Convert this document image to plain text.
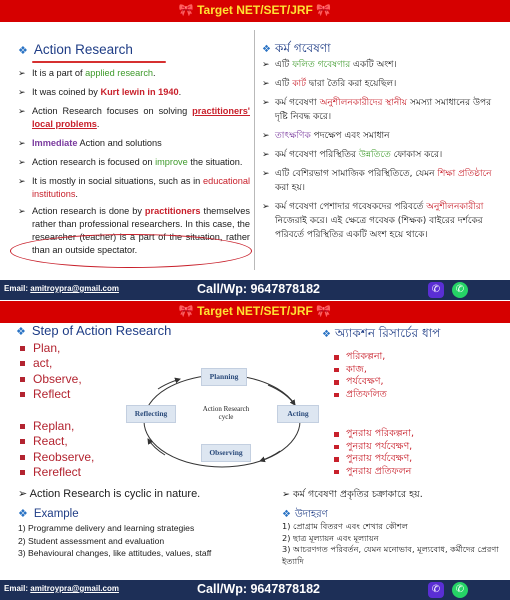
🎀 Target NET/SET/JRF 🎀
❖ Action Research
➢ It is a part of applied research.
➢ It was coined by Kurt lewin in 1940.
➢ Action Research focuses on solving practitioners' local problems.
➢ Immediate Action and solutions
➢ Action research is focused on improve the situation.
➢ It is mostly in social situations, such as in educational institutions.
➢ Action research is done by practitioners themselves rather than professional researchers. In this case, the researcher (teacher) is a part of the situation, rather than an outside spectator.
❖ কর্ম গবেষণা
➢ এটি ফলিত গবেষণার একটি অংশ।
➢ এটি কার্ট দ্বারা তৈরি করা হয়েছিল।
➢ কর্ম গবেষণা অনুশীলনকারীদের স্থানীয় সমস্যা সমাধানের উপর দৃষ্টি নিবদ্ধ করে।
➢ তাৎক্ষণিক পদক্ষেপ এবং সমাধান
➢ কর্ম গবেষণা পরিস্থিতির উন্নতিতে ফোকাস করে।
➢ এটি বেশিরভাগ সামাজিক পরিস্থিতিতে, যেমন শিক্ষা প্রতিষ্ঠানে করা হয়।
➢ কর্ম গবেষণা পেশাদার গবেষকদের পরিবর্তে অনুশীলনকারীরা নিজেরাই করে। এই ক্ষেত্রে গবেষক (শিক্ষক) বাইরের দর্শকের পরিবর্তে পরিস্থিতির একটি অংশ হয়ে থাকে।
Email: amitroypra@gmail.com	Call/Wp: 9647878182	✆	✆
🎀 Target NET/SET/JRF 🎀
❖ Step of Action Research	❖ অ্যাকশন রিসার্চের ধাপ
Plan,
act,
Observe,
Reflect
Replan,
React,
Reobserve,
Rereflect
পরিকল্পনা,
কাজ,
পর্যবেক্ষণ,
প্রতিফলিত
পুনরায় পরিকল্পনা,
পুনরায় পর্যবেক্ষণ,
পুনরায় পর্যবেক্ষণ,
পুনরায় প্রতিফলন
Planning
Acting
Observing
Reflecting	Action Research
cycle
➢ Action Research is cyclic in nature.	➢ কর্ম গবেষণা প্রকৃতির চক্রাকারে হয়.
❖ Example
1) Programme delivery and learning strategies
2) Student assessment and evaluation
3) Behavioural changes, like attitudes, values, staff
❖ উদাহরণ
1) প্রোগ্রাম বিতরণ এবং শেখার কৌশল
2) ছাত্র মূল্যায়ন এবং মূল্যায়ন
3) আচরণগত পরিবর্তন, যেমন মনোভাব, মূল্যবোধ, কর্মীদের প্রেরণা ইত্যাদি
Email: amitroypra@gmail.com	Call/Wp: 9647878182	✆	✆
